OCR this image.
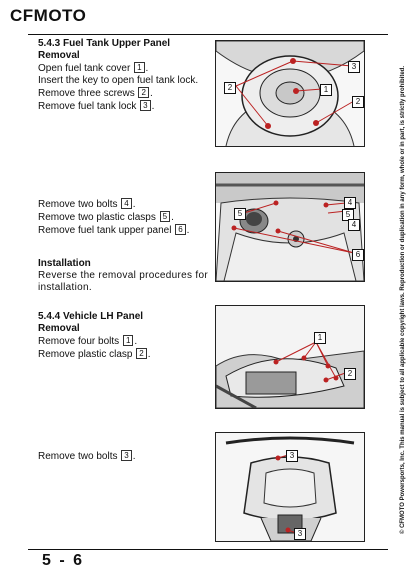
CFMOTO
5.4.3 Fuel Tank Upper Panel
Removal
Open fuel tank cover 1 .
Insert the key to open fuel tank lock.
Remove three screws 2 .
Remove fuel tank lock 3 .
3
2	1
2
Remove two bolts 4 .
Remove two plastic clasps 5 .
Remove fuel tank upper panel 6 .
4
5	5
4
6
Installation
Reverse the removal procedures for installation.
5.4.4 Vehicle LH Panel
Removal
Remove four bolts 1 .
Remove plastic clasp 2 .
1
2
Remove two bolts 3 .	3
3	© CFMOTO Powersports, Inc. This manual is subject to all applicable copyright laws. Reproduction or duplication in any form, whole or in part, is strictly prohibited.
5 - 6
